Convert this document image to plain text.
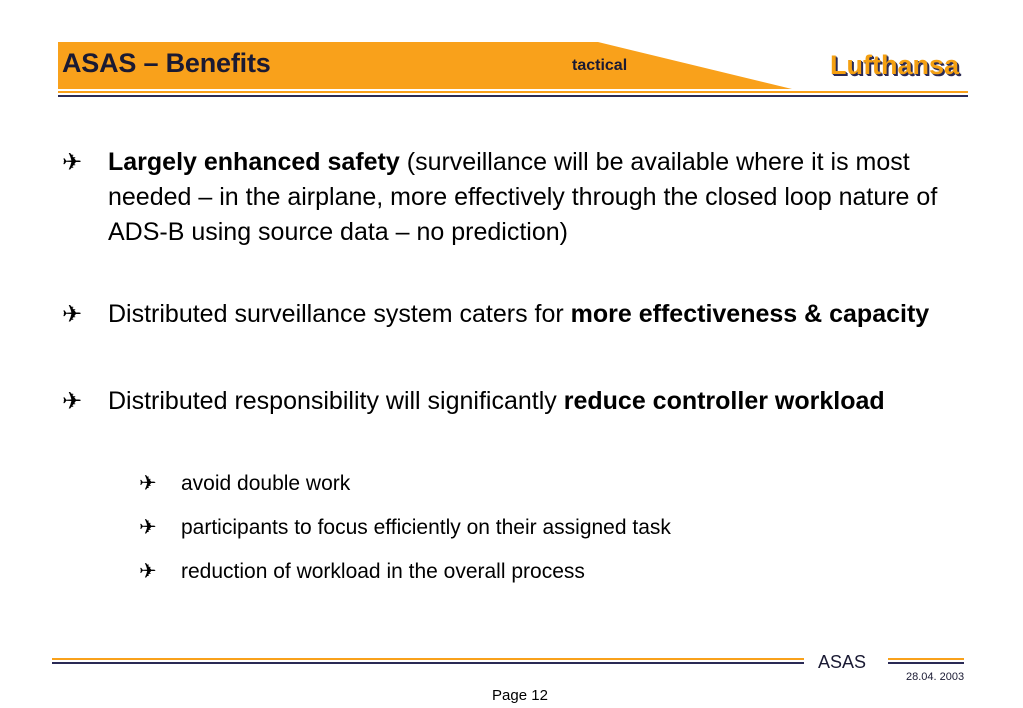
ASAS – Benefits	tactical	Lufthansa
✈ Largely enhanced safety (surveillance will be available where it is most needed – in the airplane, more effectively through the closed loop nature of ADS-B using source data – no prediction)
✈ Distributed surveillance system caters for more effectiveness & capacity
✈ Distributed responsibility will significantly reduce controller workload
✈ avoid double work
✈ participants to focus efficiently on their assigned task
✈ reduction of workload in the overall process
ASAS
28.04. 2003
Page 12
